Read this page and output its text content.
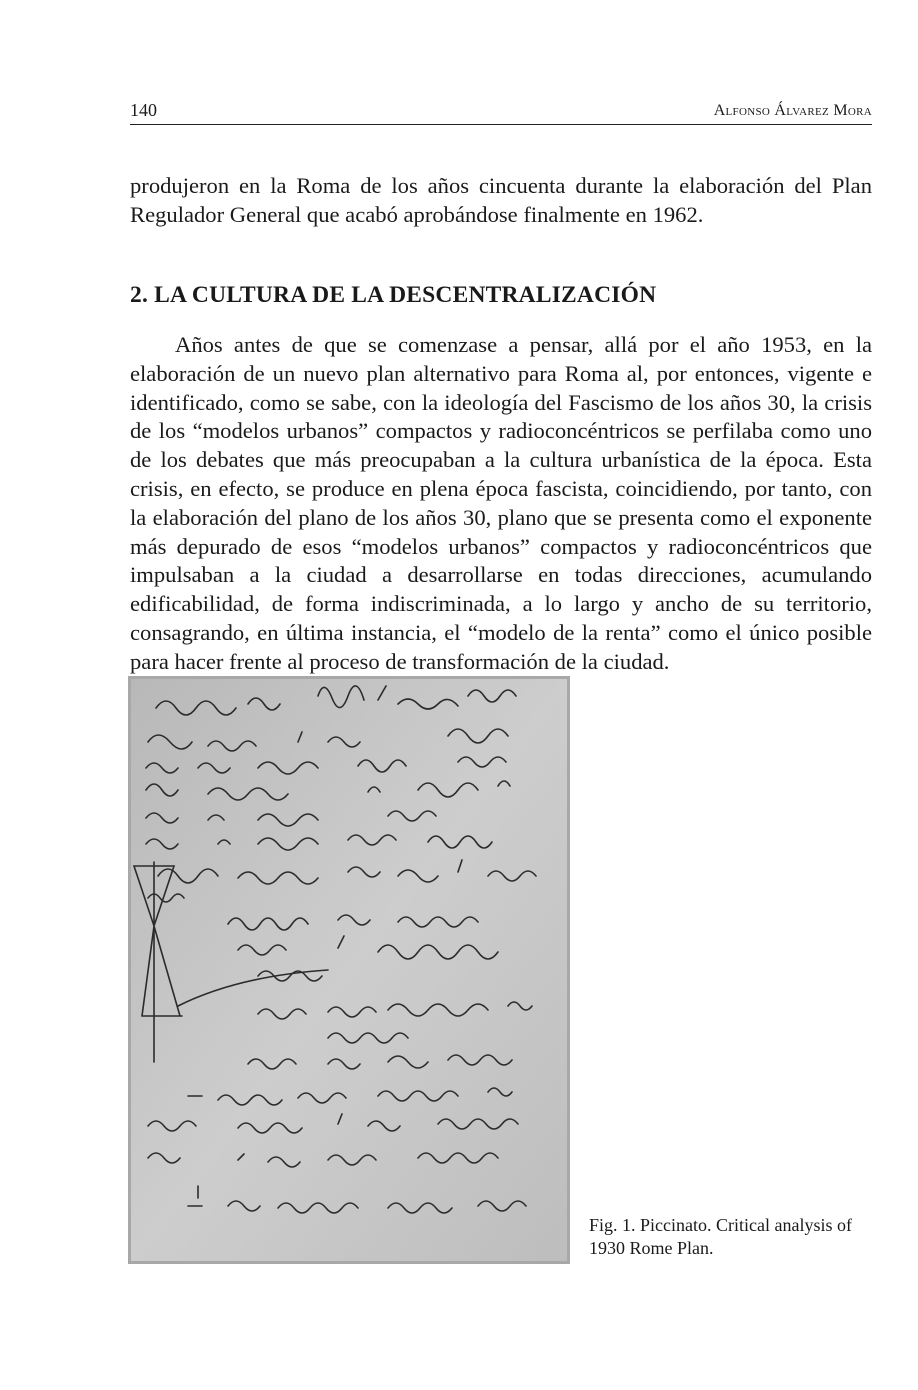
140	Alfonso Álvarez Mora

produjeron en la Roma de los años cincuenta durante la elaboración del Plan Regulador General que acabó aprobándose finalmente en 1962.

2. LA CULTURA DE LA DESCENTRALIZACIÓN

Años antes de que se comenzase a pensar, allá por el año 1953, en la elaboración de un nuevo plan alternativo para Roma al, por entonces, vigente e identificado, como se sabe, con la ideología del Fascismo de los años 30, la crisis de los “modelos urbanos” compactos y radioconcéntricos se perfilaba como uno de los debates que más preocupaban a la cultura urbanística de la época. Esta crisis, en efecto, se produce en plena época fascista, coincidiendo, por tanto, con la elaboración del plano de los años 30, plano que se presenta como el exponente más depurado de esos “modelos urbanos” compactos y radioconcéntricos que impulsaban a la ciudad a desarrollarse en todas direcciones, acumulando edificabilidad, de forma indiscriminada, a lo largo y ancho de su territorio, consagrando, en última instancia, el “modelo de la renta” como el único posible para hacer frente al proceso de transformación de la ciudad.

Fig. 1. Piccinato. Critical analysis of 1930 Rome Plan.
